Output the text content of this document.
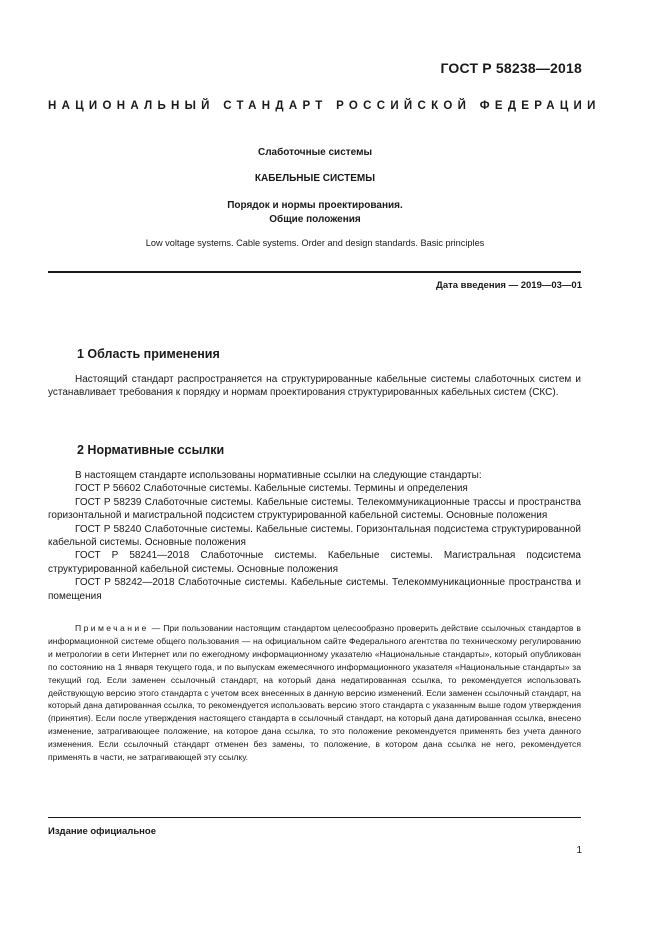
ГОСТ Р 58238—2018
НАЦИОНАЛЬНЫЙ СТАНДАРТ РОССИЙСКОЙ ФЕДЕРАЦИИ
Слаботочные системы
КАБЕЛЬНЫЕ СИСТЕМЫ
Порядок и нормы проектирования.
Общие положения
Low voltage systems. Cable systems. Order and design standards. Basic principles
Дата введения — 2019—03—01
1 Область применения
Настоящий стандарт распространяется на структурированные кабельные системы слаботочных систем и устанавливает требования к порядку и нормам проектирования структурированных кабельных систем (СКС).
2 Нормативные ссылки

В настоящем стандарте использованы нормативные ссылки на следующие стандарты:

ГОСТ Р 56602 Слаботочные системы. Кабельные системы. Термины и определения

ГОСТ Р 58239 Слаботочные системы. Кабельные системы. Телекоммуникационные трассы и пространства горизонтальной и магистральной подсистем структурированной кабельной системы. Основные положения

ГОСТ Р 58240 Слаботочные системы. Кабельные системы. Горизонтальная подсистема структурированной кабельной системы. Основные положения

ГОСТ Р 58241—2018 Слаботочные системы. Кабельные системы. Магистральная подсистема структурированной кабельной системы. Основные положения

ГОСТ Р 58242—2018 Слаботочные системы. Кабельные системы. Телекоммуникационные пространства и помещения

Примечание — При пользовании настоящим стандартом целесообразно проверить действие ссылочных стандартов в информационной системе общего пользования — на официальном сайте Федерального агентства по техническому регулированию и метрологии в сети Интернет или по ежегодному информационному указателю «Национальные стандарты», который опубликован по состоянию на 1 января текущего года, и по выпускам ежемесячного информационного указателя «Национальные стандарты» за текущий год. Если заменен ссылочный стандарт, на который дана недатированная ссылка, то рекомендуется использовать действующую версию этого стандарта с учетом всех внесенных в данную версию изменений. Если заменен ссылочный стандарт, на который дана датированная ссылка, то рекомендуется использовать версию этого стандарта с указанным выше годом утверждения (принятия). Если после утверждения настоящего стандарта в ссылочный стандарт, на который дана датированная ссылка, внесено изменение, затрагивающее положение, на которое дана ссылка, то это положение рекомендуется применять без учета данного изменения. Если ссылочный стандарт отменен без замены, то положение, в котором дана ссылка не него, рекомендуется применять в части, не затрагивающей эту ссылку.

Издание официальное
1
